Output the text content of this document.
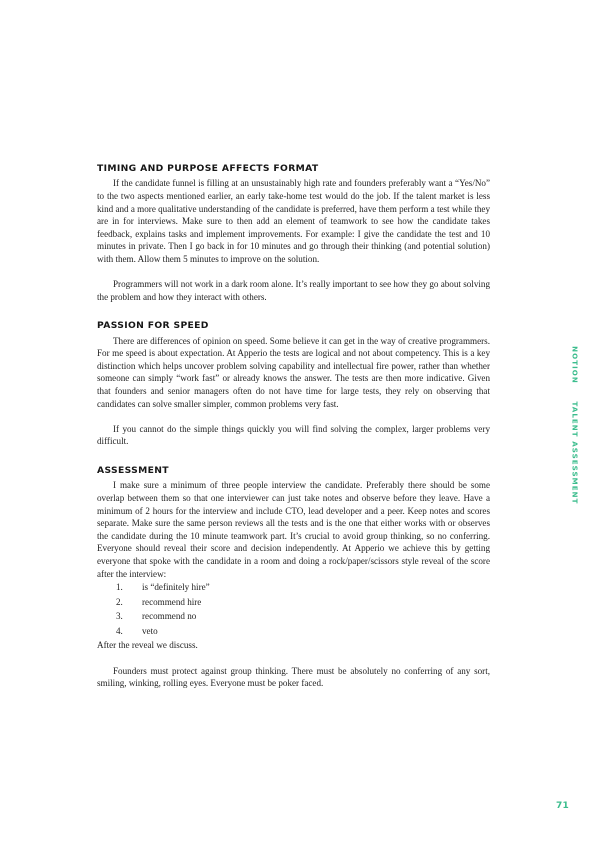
TIMING AND PURPOSE AFFECTS FORMAT

If the candidate funnel is filling at an unsustainably high rate and founders preferably want a “Yes/No” to the two aspects mentioned earlier, an early take-home test would do the job. If the talent market is less kind and a more qualitative understanding of the candidate is preferred, have them perform a test while they are in for interviews. Make sure to then add an element of teamwork to see how the candidate takes feedback, explains tasks and implement improvements. For example: I give the candidate the test and 10 minutes in private. Then I go back in for 10 minutes and go through their thinking (and potential solution) with them. Allow them 5 minutes to improve on the solution.

Programmers will not work in a dark room alone. It’s really important to see how they go about solving the problem and how they interact with others.

PASSION FOR SPEED

There are differences of opinion on speed. Some believe it can get in the way of creative programmers. For me speed is about expectation. At Apperio the tests are logical and not about competency. This is a key distinction which helps uncover problem solving capability and intellectual fire power, rather than whether someone can simply “work fast” or already knows the answer. The tests are then more indicative. Given that founders and senior managers often do not have time for large tests, they rely on observing that candidates can solve smaller simpler, common problems very fast.

If you cannot do the simple things quickly you will find solving the complex, larger problems very difficult.

ASSESSMENT

I make sure a minimum of three people interview the candidate. Preferably there should be some overlap between them so that one interviewer can just take notes and observe before they leave. Have a minimum of 2 hours for the interview and include CTO, lead developer and a peer. Keep notes and scores separate. Make sure the same person reviews all the tests and is the one that either works with or observes the candidate during the 10 minute teamwork part. It’s crucial to avoid group thinking, so no conferring. Everyone should reveal their score and decision independently. At Apperio we achieve this by getting everyone that spoke with the candidate in a room and doing a rock/paper/scissors style reveal of the score after the interview:

1.	is “definitely hire”
2.	recommend hire
3.	recommend no
4.	veto

After the reveal we discuss.

Founders must protect against group thinking. There must be absolutely no conferring of any sort, smiling, winking, rolling eyes. Everyone must be poker faced.

NOTION
TALENT ASSESSMENT
71
